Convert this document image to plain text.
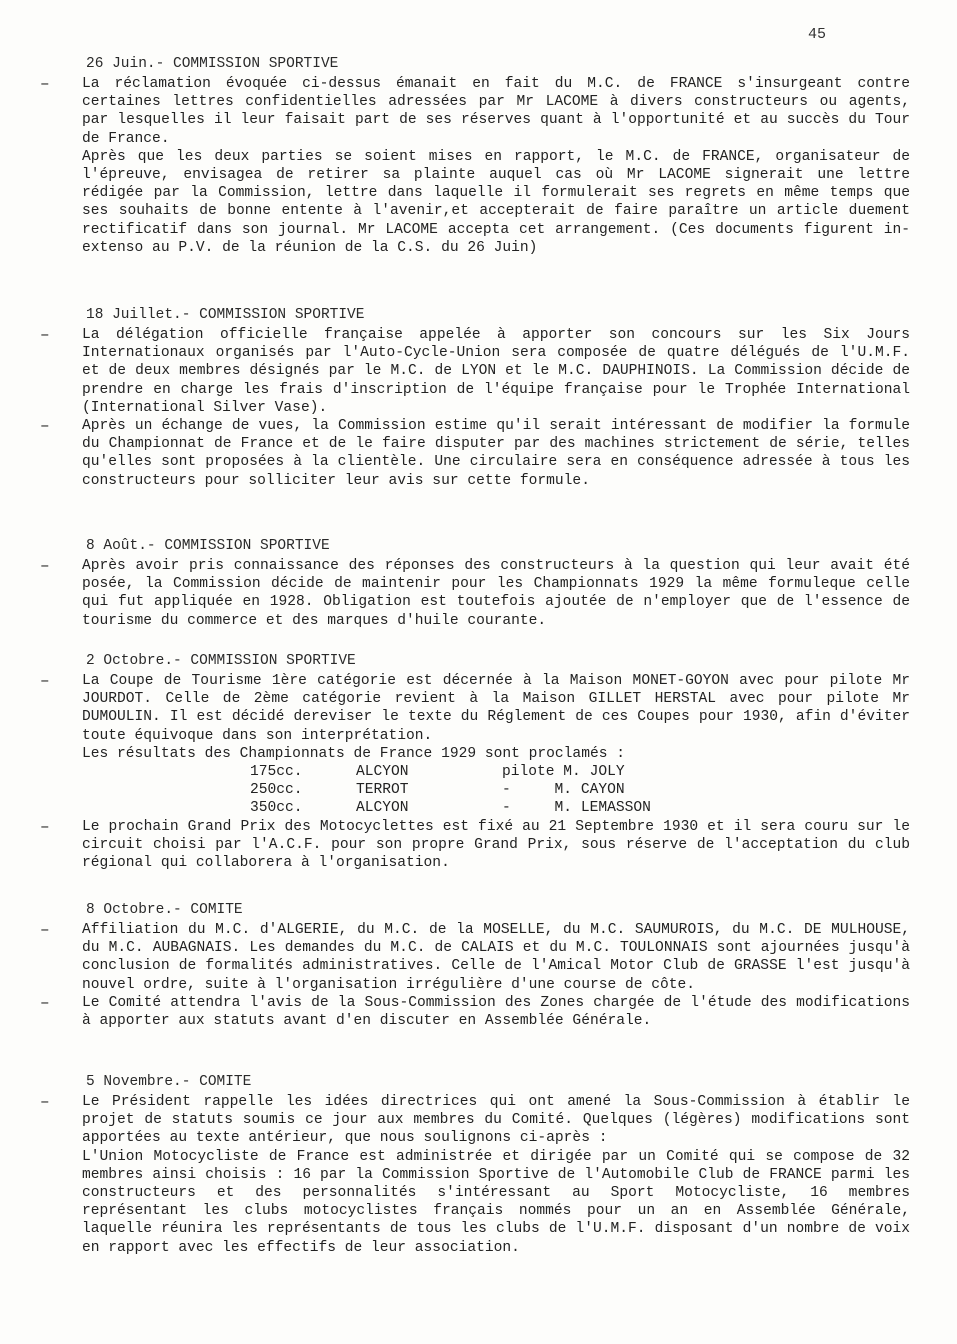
45
26 Juin.- COMMISSION SPORTIVE
– La réclamation évoquée ci-dessus émanait en fait du M.C. de FRANCE s'insurgeant contre certaines lettres confidentielles adressées par Mr LACOME à divers constructeurs ou agents, par lesquelles il leur faisait part de ses réserves quant à l'opportunité et au succès du Tour de France.
Après que les deux parties se soient mises en rapport, le M.C. de FRANCE, organisateur de l'épreuve, envisagea de retirer sa plainte auquel cas où Mr LACOME signerait une lettre rédigée par la Commission, lettre dans laquelle il formulerait ses regrets en même temps que ses souhaits de bonne entente à l'avenir,et accepterait de faire paraître un article duement rectificatif dans son journal. Mr LACOME accepta cet arrangement. (Ces documents figurent in-extenso au P.V. de la réunion de la C.S. du 26 Juin)
18 Juillet.- COMMISSION SPORTIVE
– La délégation officielle française appelée à apporter son concours sur les Six Jours Internationaux organisés par l'Auto-Cycle-Union sera composée de quatre délégués de l'U.M.F. et de deux membres désignés par le M.C. de LYON et le M.C. DAUPHINOIS. La Commission décide de prendre en charge les frais d'inscription de l'équipe française pour le Trophée International (International Silver Vase).
– Après un échange de vues, la Commission estime qu'il serait intéressant de modifier la formule du Championnat de France et de le faire disputer par des machines strictement de série, telles qu'elles sont proposées à la clientèle. Une circulaire sera en conséquence adressée à tous les constructeurs pour solliciter leur avis sur cette formule.
8 Août.- COMMISSION SPORTIVE
– Après avoir pris connaissance des réponses des constructeurs à la question qui leur avait été posée, la Commission décide de maintenir pour les Championnats 1929 la même formuleque celle qui fut appliquée en 1928. Obligation est toutefois ajoutée de n'employer que de l'essence de tourisme du commerce et des marques d'huile courante.
2 Octobre.- COMMISSION SPORTIVE
– La Coupe de Tourisme 1ère catégorie est décernée à la Maison MONET-GOYON avec pour pilote Mr JOURDOT. Celle de 2ème catégorie revient à la Maison GILLET HERSTAL avec pour pilote Mr DUMOULIN. Il est décidé dereviser le texte du Réglement de ces Coupes pour 1930, afin d'éviter toute équivoque dans son interprétation.
Les résultats des Championnats de France 1929 sont proclamés :
175cc.	ALCYON	pilote M. JOLY
250cc.	TERROT	-     M. CAYON
350cc.	ALCYON	-     M. LEMASSON
– Le prochain Grand Prix des Motocyclettes est fixé au 21 Septembre 1930 et il sera couru sur le circuit choisi par l'A.C.F. pour son propre Grand Prix, sous réserve de l'acceptation du club régional qui collaborera à l'organisation.
8 Octobre.- COMITE
– Affiliation du M.C. d'ALGERIE, du M.C. de la MOSELLE, du M.C. SAUMUROIS, du M.C. DE MULHOUSE, du M.C. AUBAGNAIS. Les demandes du M.C. de CALAIS et du M.C. TOULONNAIS sont ajournées jusqu'à conclusion de formalités administratives. Celle de l'Amical Motor Club de GRASSE l'est jusqu'à nouvel ordre, suite à l'organisation irrégulière d'une course de côte.
– Le Comité attendra l'avis de la Sous-Commission des Zones chargée de l'étude des modifications à apporter aux statuts avant d'en discuter en Assemblée Générale.
5 Novembre.- COMITE
– Le Président rappelle les idées directrices qui ont amené la Sous-Commission à établir le projet de statuts soumis ce jour aux membres du Comité. Quelques (légères) modifications sont apportées au texte antérieur, que nous soulignons ci-après :
L'Union Motocycliste de France est administrée et dirigée par un Comité qui se compose de 32 membres ainsi choisis : 16 par la Commission Sportive de l'Automobile Club de FRANCE parmi les constructeurs et des personnalités s'intéressant au Sport Motocycliste, 16 membres représentant les clubs motocyclistes français nommés pour un an en Assemblée Générale, laquelle réunira les représentants de tous les clubs de l'U.M.F. disposant d'un nombre de voix en rapport avec les effectifs de leur association.
